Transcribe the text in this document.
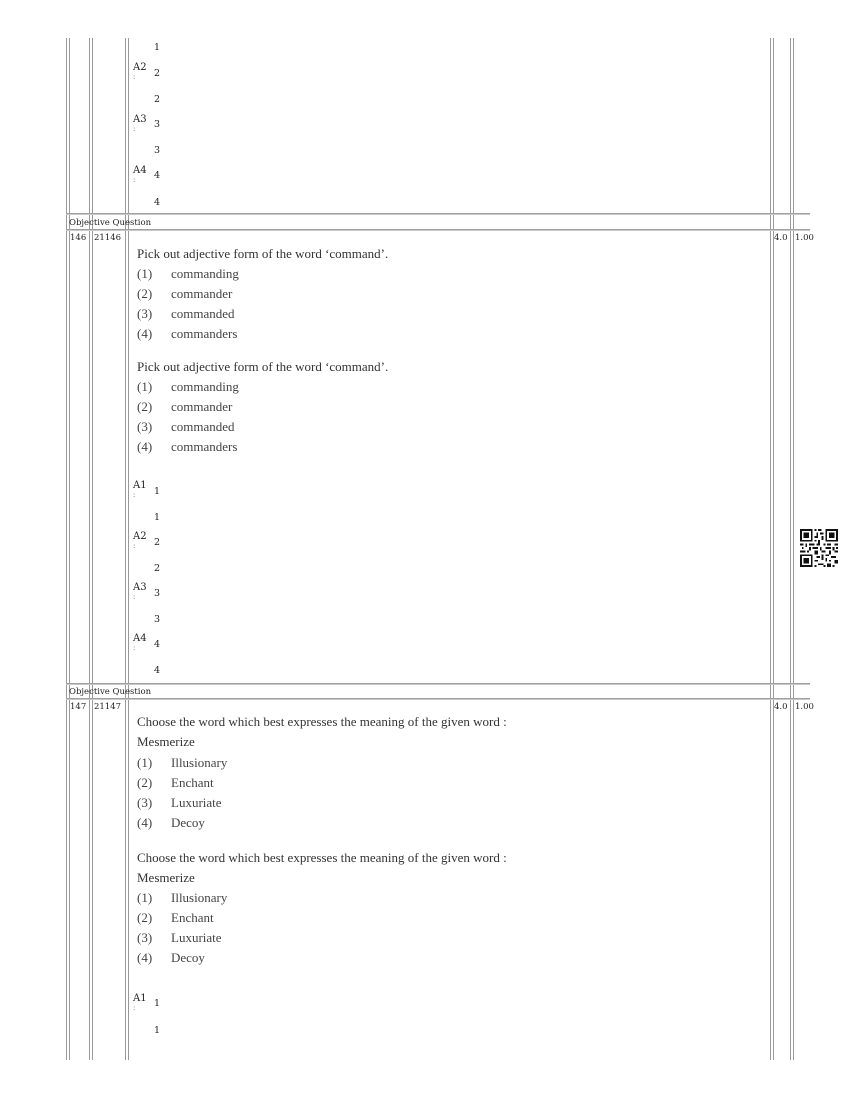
1
A2
: 2
2
A3
: 3
3
A4
: 4
4
Objective Question
146 21146	4.0 1.00
Pick out adjective form of the word ‘command’.
(1) commanding
(2) commander
(3) commanded
(4) commanders
Pick out adjective form of the word ‘command’.
(1) commanding
(2) commander
(3) commanded
(4) commanders
A1
: 1
1
A2
: 2
2
A3
: 3
3
A4
: 4
4
Objective Question
147 21147	4.0 1.00
Choose the word which best expresses the meaning of the given word :
Mesmerize
(1) Illusionary
(2) Enchant
(3) Luxuriate
(4) Decoy
Choose the word which best expresses the meaning of the given word :
Mesmerize
(1) Illusionary
(2) Enchant
(3) Luxuriate
(4) Decoy
A1
: 1
1
